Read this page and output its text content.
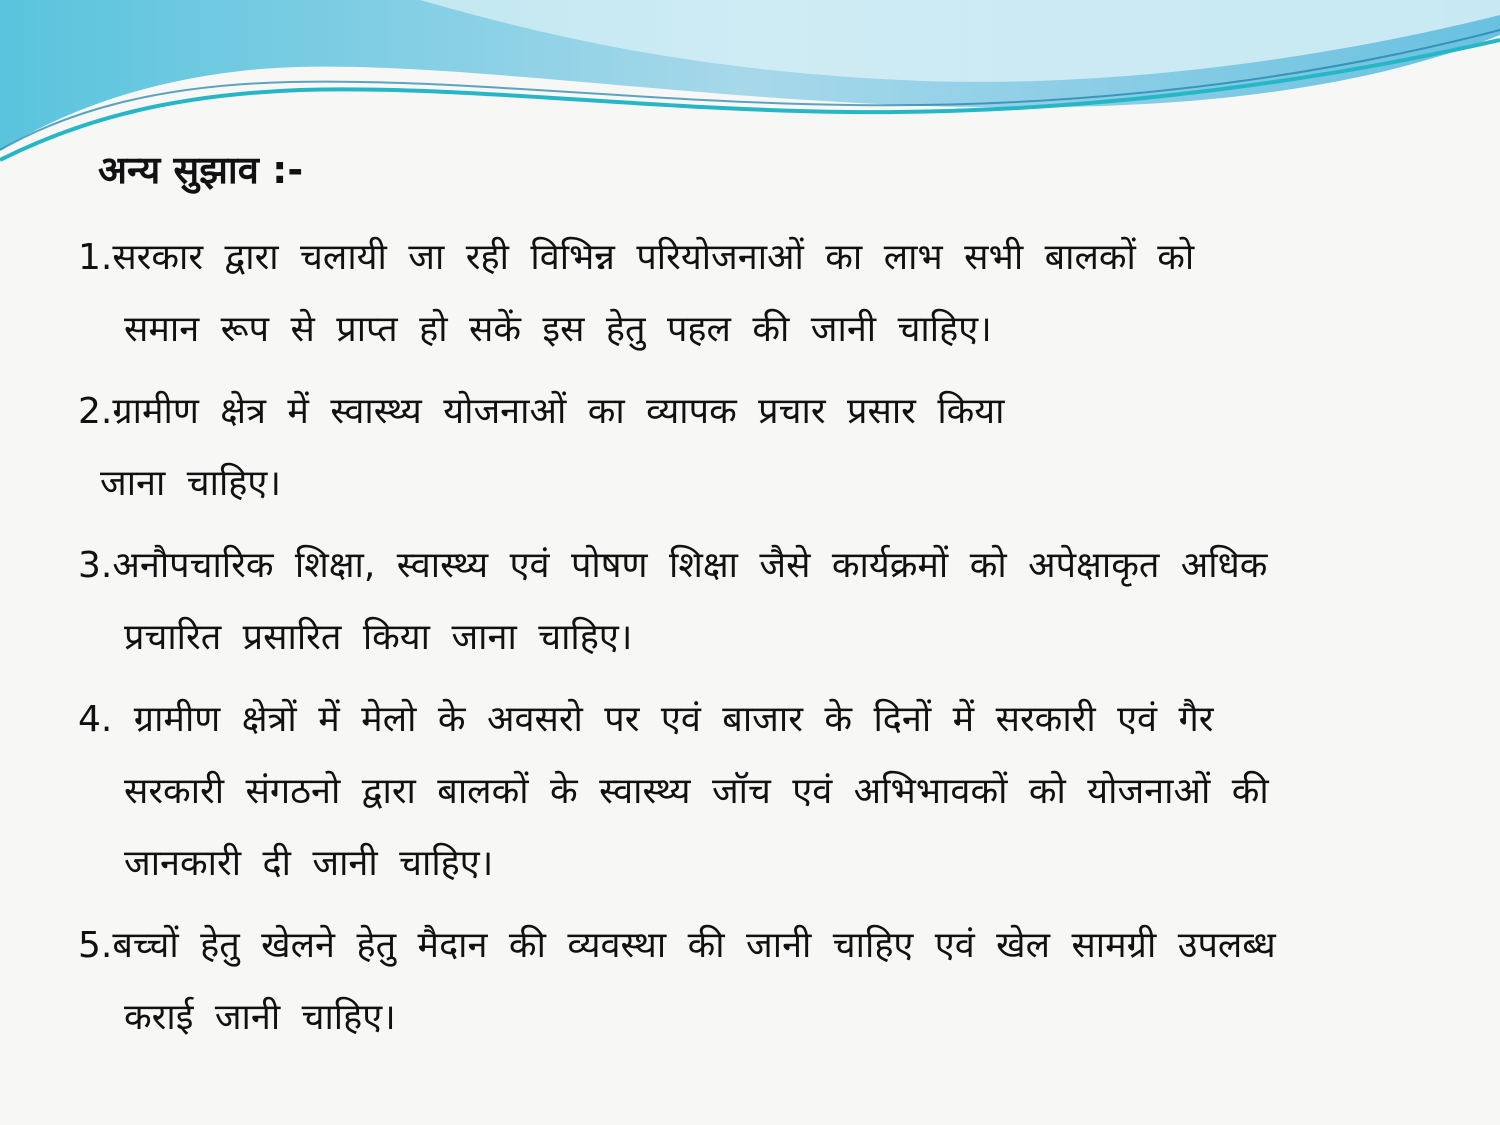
अन्य सुझाव :-
1.सरकार द्वारा चलायी जा रही विभिन्न परियोजनाओं का लाभ सभी बालकों को
समान रूप से प्राप्त हो सकें इस हेतु पहल की जानी चाहिए।
2.ग्रामीण क्षेत्र में स्वास्थ्य योजनाओं का व्यापक प्रचार प्रसार किया
जाना चाहिए।
3.अनौपचारिक शिक्षा, स्वास्थ्य एवं पोषण शिक्षा जैसे कार्यक्रमों को अपेक्षाकृत अधिक
प्रचारित प्रसारित किया जाना चाहिए।
4. ग्रामीण क्षेत्रों में मेलो के अवसरो पर एवं बाजार के दिनों में सरकारी एवं गैर
सरकारी संगठनो द्वारा बालकों के स्वास्थ्य जॉच एवं अभिभावकों को योजनाओं की
जानकारी दी जानी चाहिए।
5.बच्चों हेतु खेलने हेतु मैदान की व्यवस्था की जानी चाहिए एवं खेल सामग्री उपलब्ध
कराई जानी चाहिए।
